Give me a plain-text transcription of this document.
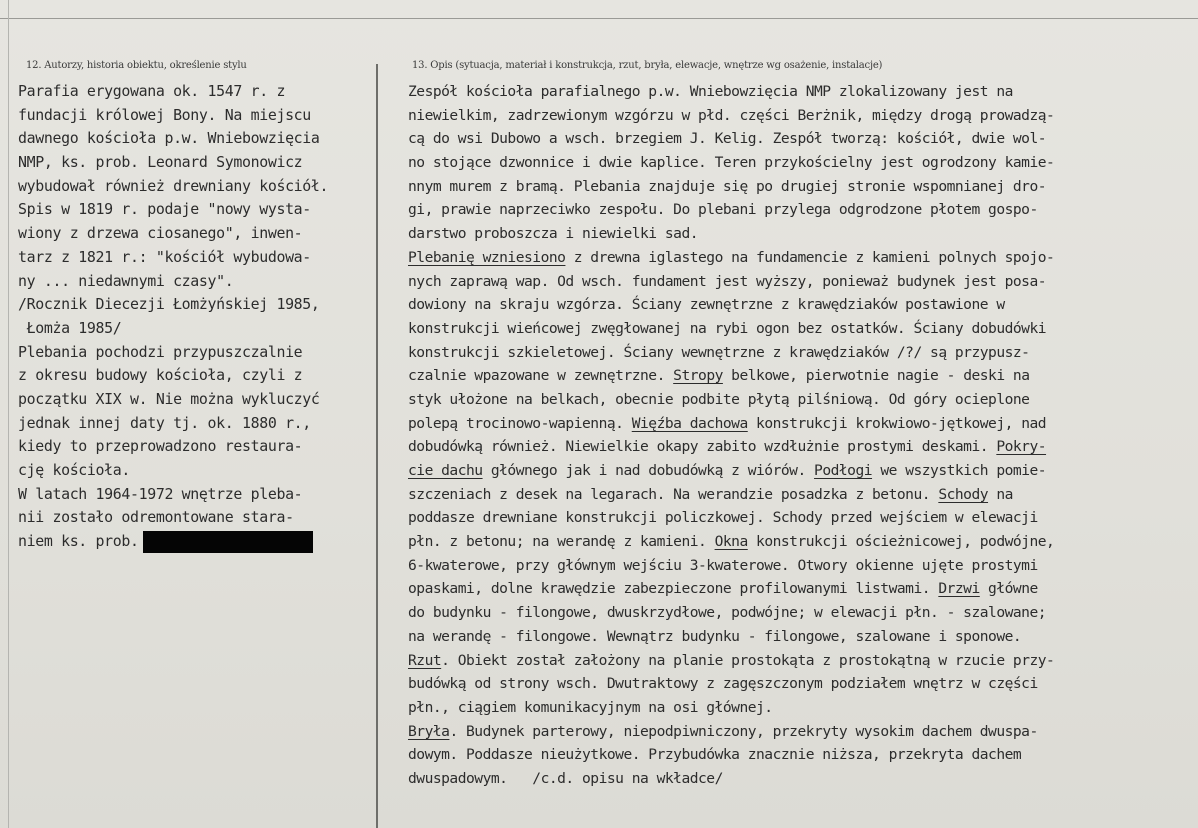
12. Autorzy, historia obiektu, określenie stylu	13. Opis (sytuacja, materiał i konstrukcja, rzut, bryła, elewacje, wnętrze wg osażenie, instalacje)
Parafia erygowana ok. 1547 r. z
fundacji królowej Bony. Na miejscu
dawnego kościoła p.w. Wniebowzięcia
NMP, ks. prob. Leonard Symonowicz
wybudował również drewniany kościół.
Spis w 1819 r. podaje "nowy wysta-
wiony z drzewa ciosanego", inwen-
tarz z 1821 r.: "kościół wybudowa-
ny ... niedawnymi czasy".
/Rocznik Diecezji Łomżyńskiej 1985,
Łomża 1985/
Plebania pochodzi przypuszczalnie
z okresu budowy kościoła, czyli z
początku XIX w. Nie można wykluczyć
jednak innej daty tj. ok. 1880 r.,
kiedy to przeprowadzono restaura-
cję kościoła.
W latach 1964-1972 wnętrze pleba-
nii zostało odremontowane stara-
niem ks. prob.
Zespół kościoła parafialnego p.w. Wniebowzięcia NMP zlokalizowany jest na
niewielkim, zadrzewionym wzgórzu w płd. części Berżnik, między drogą prowadzą-
cą do wsi Dubowo a wsch. brzegiem J. Kelig. Zespół tworzą: kościół, dwie wol-
no stojące dzwonnice i dwie kaplice. Teren przykościelny jest ogrodzony kamie-
nnym murem z bramą. Plebania znajduje się po drugiej stronie wspomnianej dro-
gi, prawie naprzeciwko zespołu. Do plebani przylega odgrodzone płotem gospo-
darstwo proboszcza i niewielki sad.
Plebanię wzniesiono z drewna iglastego na fundamencie z kamieni polnych spojo-
nych zaprawą wap. Od wsch. fundament jest wyższy, ponieważ budynek jest posa-
dowiony na skraju wzgórza. Ściany zewnętrzne z krawędziaków postawione w
konstrukcji wieńcowej zwęgłowanej na rybi ogon bez ostatków. Ściany dobudówki
konstrukcji szkieletowej. Ściany wewnętrzne z krawędziaków /?/ są przypusz-
czalnie wpazowane w zewnętrzne. Stropy belkowe, pierwotnie nagie - deski na
styk ułożone na belkach, obecnie podbite płytą pilśniową. Od góry ocieplone
polepą trocinowo-wapienną. Więźba dachowa konstrukcji krokwiowo-jętkowej, nad
dobudówką również. Niewielkie okapy zabito wzdłużnie prostymi deskami. Pokry-
cie dachu głównego jak i nad dobudówką z wiórów. Podłogi we wszystkich pomie-
szczeniach z desek na legarach. Na werandzie posadzka z betonu. Schody na
poddasze drewniane konstrukcji policzkowej. Schody przed wejściem w elewacji
płn. z betonu; na werandę z kamieni. Okna konstrukcji ościeżnicowej, podwójne,
6-kwaterowe, przy głównym wejściu 3-kwaterowe. Otwory okienne ujęte prostymi
opaskami, dolne krawędzie zabezpieczone profilowanymi listwami. Drzwi główne
do budynku - filongowe, dwuskrzydłowe, podwójne; w elewacji płn. - szalowane;
na werandę - filongowe. Wewnątrz budynku - filongowe, szalowane i sponowe.
Rzut. Obiekt został założony na planie prostokąta z prostokątną w rzucie przy-
budówką od strony wsch. Dwutraktowy z zagęszczonym podziałem wnętrz w części
płn., ciągiem komunikacyjnym na osi głównej.
Bryła. Budynek parterowy, niepodpiwniczony, przekryty wysokim dachem dwuspa-
dowym. Poddasze nieużytkowe. Przybudówka znacznie niższa, przekryta dachem
dwuspadowym.   /c.d. opisu na wkładce/
